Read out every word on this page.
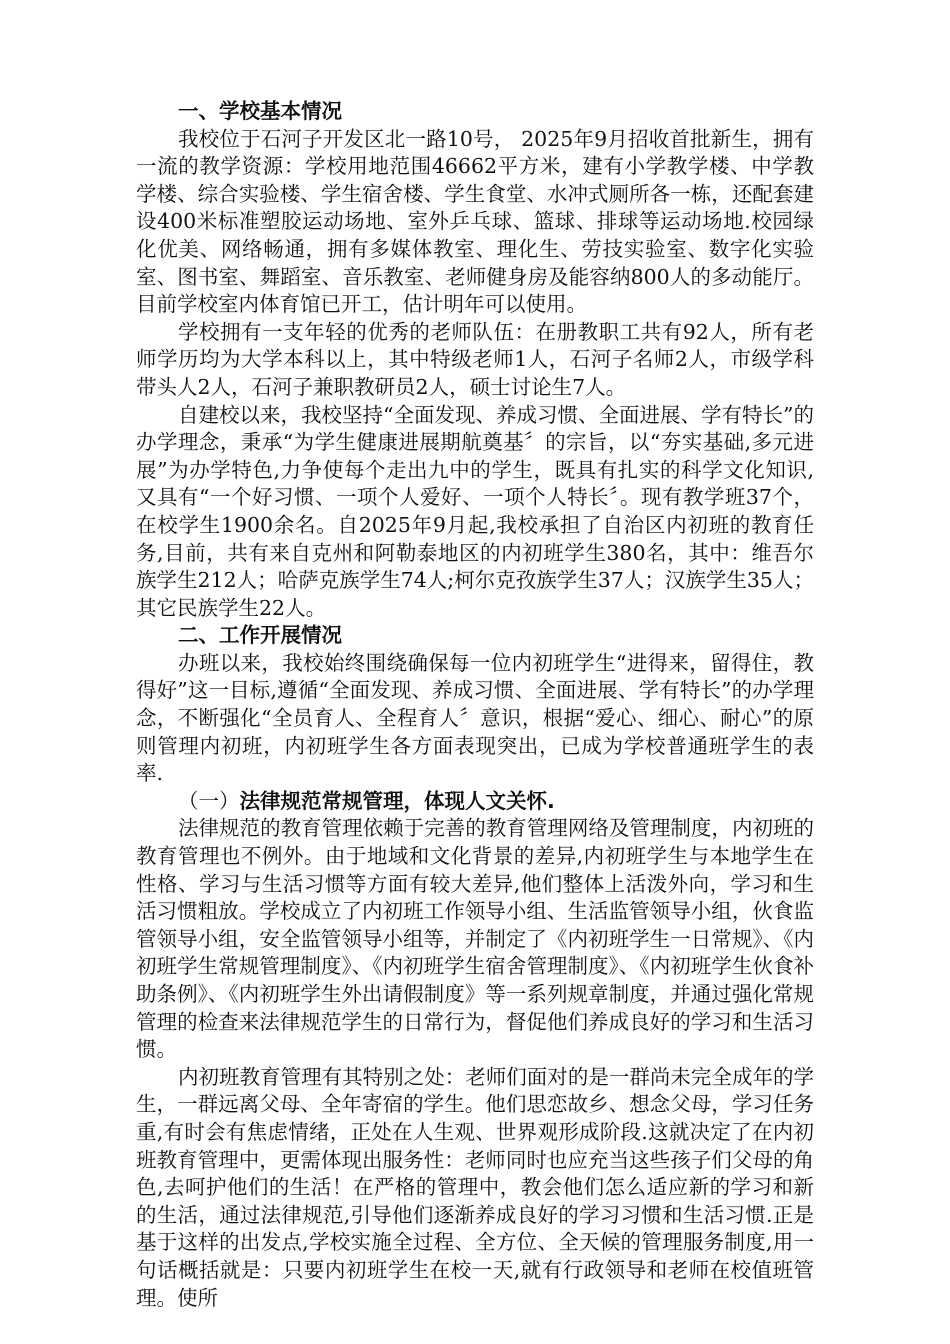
一、学校基本情况

我校位于石河子开发区北一路10号， 2025年9月招收首批新生，拥有一流的教学资源：学校用地范围46662平方米，建有小学教学楼、中学教学楼、综合实验楼、学生宿舍楼、学生食堂、水冲式厕所各一栋，还配套建设400米标准塑胶运动场地、室外乒乓球、篮球、排球等运动场地.校园绿化优美、网络畅通，拥有多媒体教室、理化生、劳技实验室、数字化实验室、图书室、舞蹈室、音乐教室、老师健身房及能容纳800人的多动能厅。目前学校室内体育馆已开工，估计明年可以使用。

学校拥有一支年轻的优秀的老师队伍：在册教职工共有92人，所有老师学历均为大学本科以上，其中特级老师1人，石河子名师2人，市级学科带头人2人，石河子兼职教研员2人，硕士讨论生7人。

自建校以来，我校坚持“全面发现、养成习惯、全面进展、学有特长”的办学理念，秉承“为学生健康进展期航奠基〞的宗旨，以“夯实基础,多元进展”为办学特色,力争使每个走出九中的学生，既具有扎实的科学文化知识,又具有“一个好习惯、一项个人爱好、一项个人特长〞。现有教学班37个，在校学生1900余名。自2025年9月起,我校承担了自治区内初班的教育任务,目前，共有来自克州和阿勒泰地区的内初班学生380名，其中：维吾尔族学生212人；哈萨克族学生74人;柯尔克孜族学生37人；汉族学生35人；其它民族学生22人。

二、工作开展情况

办班以来，我校始终围绕确保每一位内初班学生“进得来，留得住，教得好”这一目标,遵循“全面发现、养成习惯、全面进展、学有特长”的办学理念，不断强化“全员育人、全程育人〞意识，根据“爱心、细心、耐心”的原则管理内初班，内初班学生各方面表现突出，已成为学校普通班学生的表率.

（一）法律规范常规管理，体现人文关怀.

法律规范的教育管理依赖于完善的教育管理网络及管理制度，内初班的教育管理也不例外。由于地域和文化背景的差异,内初班学生与本地学生在性格、学习与生活习惯等方面有较大差异,他们整体上活泼外向，学习和生活习惯粗放。学校成立了内初班工作领导小组、生活监管领导小组，伙食监管领导小组，安全监管领导小组等，并制定了《内初班学生一日常规》、《内初班学生常规管理制度》、《内初班学生宿舍管理制度》、《内初班学生伙食补助条例》、《内初班学生外出请假制度》等一系列规章制度，并通过强化常规管理的检查来法律规范学生的日常行为，督促他们养成良好的学习和生活习惯。

内初班教育管理有其特别之处：老师们面对的是一群尚未完全成年的学生，一群远离父母、全年寄宿的学生。他们思恋故乡、想念父母，学习任务重,有时会有焦虑情绪，正处在人生观、世界观形成阶段.这就决定了在内初班教育管理中，更需体现出服务性：老师同时也应充当这些孩子们父母的角色,去呵护他们的生活！在严格的管理中，教会他们怎么适应新的学习和新的生活，通过法律规范,引导他们逐渐养成良好的学习习惯和生活习惯.正是基于这样的出发点,学校实施全过程、全方位、全天候的管理服务制度,用一句话概括就是：只要内初班学生在校一天,就有行政领导和老师在校值班管理。使所
